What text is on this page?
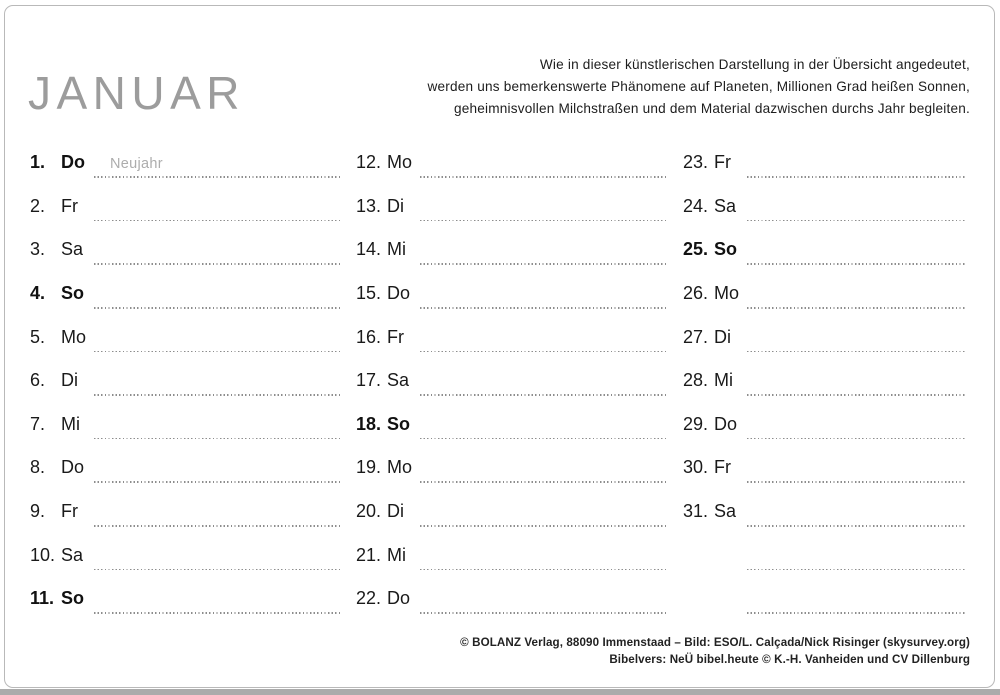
JANUAR
Wie in dieser künstlerischen Darstellung in der Übersicht angedeutet,
werden uns bemerkenswerte Phänomene auf Planeten, Millionen Grad heißen Sonnen,
geheimnisvollen Milchstraßen und dem Material dazwischen durchs Jahr begleiten.
1. Do Neujahr
2. Fr
3. Sa
4. So
5. Mo
6. Di
7. Mi
8. Do
9. Fr
10. Sa
11. So
12. Mo
13. Di
14. Mi
15. Do
16. Fr
17. Sa
18. So
19. Mo
20. Di
21. Mi
22. Do
23. Fr
24. Sa
25. So
26. Mo
27. Di
28. Mi
29. Do
30. Fr
31. Sa
© BOLANZ Verlag, 88090 Immenstaad – Bild: ESO/L. Calçada/Nick Risinger (skysurvey.org)
Bibelvers: NeÜ bibel.heute © K.-H. Vanheiden und CV Dillenburg
